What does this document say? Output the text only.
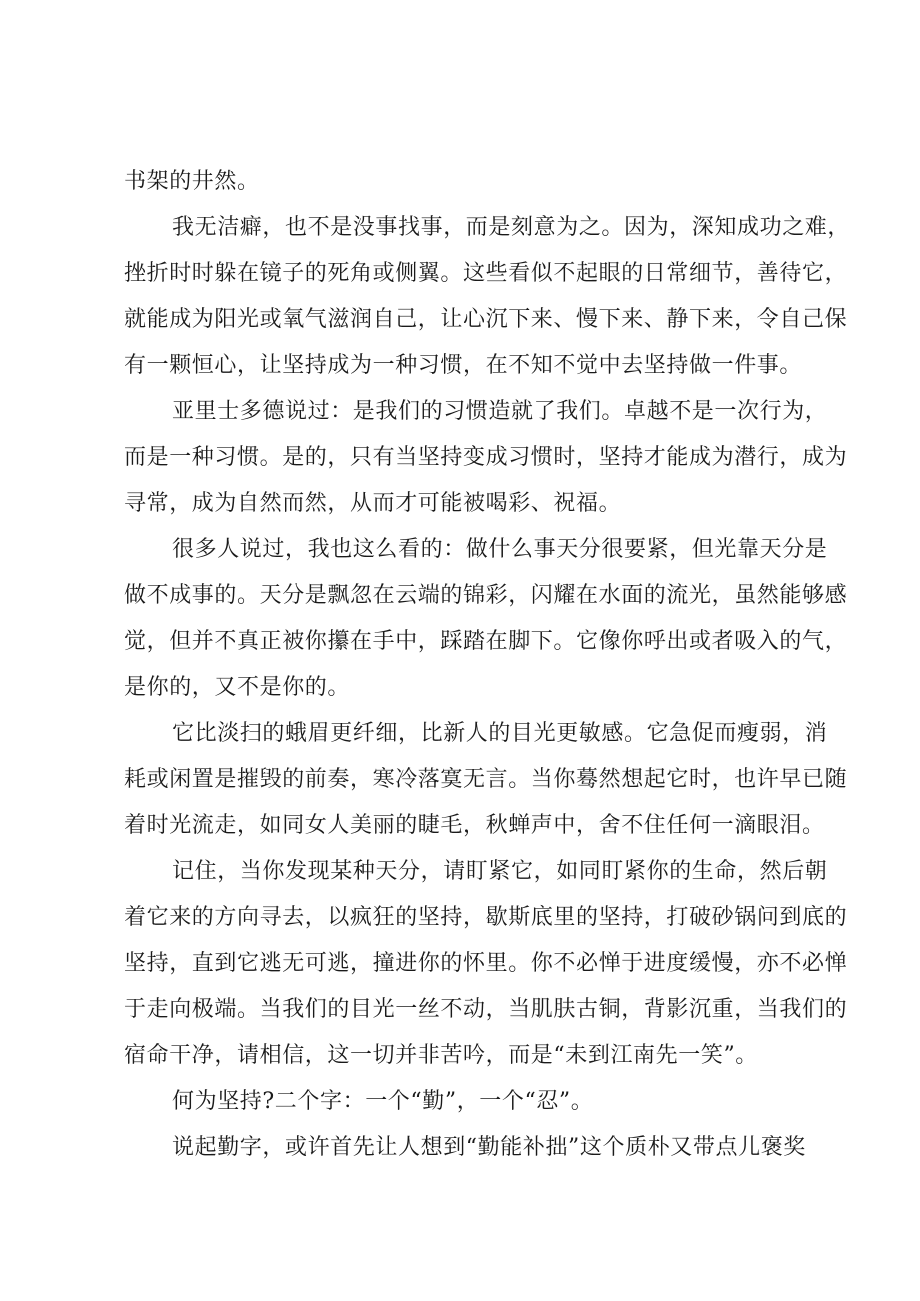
书架的井然。
我无洁癖，也不是没事找事，而是刻意为之。因为，深知成功之难，
挫折时时躲在镜子的死角或侧翼。这些看似不起眼的日常细节，善待它，
就能成为阳光或氧气滋润自己，让心沉下来、慢下来、静下来，令自己保
有一颗恒心，让坚持成为一种习惯，在不知不觉中去坚持做一件事。
亚里士多德说过：是我们的习惯造就了我们。卓越不是一次行为，
而是一种习惯。是的，只有当坚持变成习惯时，坚持才能成为潜行，成为
寻常，成为自然而然，从而才可能被喝彩、祝福。
很多人说过，我也这么看的：做什么事天分很要紧，但光靠天分是
做不成事的。天分是飘忽在云端的锦彩，闪耀在水面的流光，虽然能够感
觉，但并不真正被你攥在手中，踩踏在脚下。它像你呼出或者吸入的气，
是你的，又不是你的。
它比淡扫的蛾眉更纤细，比新人的目光更敏感。它急促而瘦弱，消
耗或闲置是摧毁的前奏，寒冷落寞无言。当你蓦然想起它时，也许早已随
着时光流走，如同女人美丽的睫毛，秋蝉声中，舍不住任何一滴眼泪。
记住，当你发现某种天分，请盯紧它，如同盯紧你的生命，然后朝
着它来的方向寻去，以疯狂的坚持，歇斯底里的坚持，打破砂锅问到底的
坚持，直到它逃无可逃，撞进你的怀里。你不必惮于进度缓慢，亦不必惮
于走向极端。当我们的目光一丝不动，当肌肤古铜，背影沉重，当我们的
宿命干净，请相信，这一切并非苦吟，而是“未到江南先一笑”。
何为坚持?二个字：一个“勤”，一个“忍”。
说起勤字，或许首先让人想到“勤能补拙”这个质朴又带点儿褒奖
